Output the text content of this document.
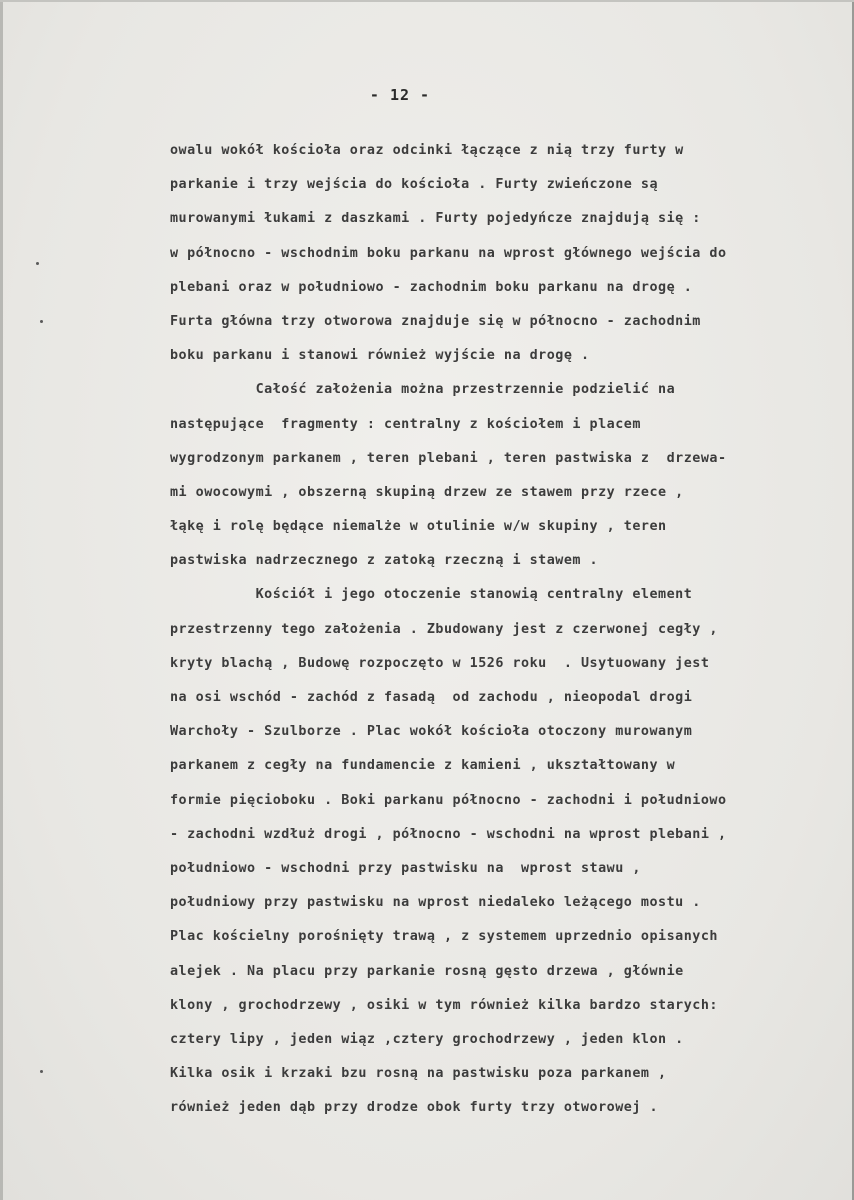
- 12 -
owalu wokół kościoła oraz odcinki łączące z nią trzy furty w
parkanie i trzy wejścia do kościoła . Furty zwieńczone są
murowanymi łukami z daszkami . Furty pojedyńcze znajdują się :
w północno - wschodnim boku parkanu na wprost głównego wejścia do
plebani oraz w południowo - zachodnim boku parkanu na drogę .
Furta główna trzy otworowa znajduje się w północno - zachodnim
boku parkanu i stanowi również wyjście na drogę .
Całość założenia można przestrzennie podzielić na
następujące  fragmenty : centralny z kościołem i placem
wygrodzonym parkanem , teren plebani , teren pastwiska z  drzewa-
mi owocowymi , obszerną skupiną drzew ze stawem przy rzece ,
łąkę i rolę będące niemalże w otulinie w/w skupiny , teren
pastwiska nadrzecznego z zatoką rzeczną i stawem .
Kościół i jego otoczenie stanowią centralny element
przestrzenny tego założenia . Zbudowany jest z czerwonej cegły ,
kryty blachą , Budowę rozpoczęto w 1526 roku  . Usytuowany jest
na osi wschód - zachód z fasadą  od zachodu , nieopodal drogi
Warchoły - Szulborze . Plac wokół kościoła otoczony murowanym
parkanem z cegły na fundamencie z kamieni , ukształtowany w
formie pięcioboku . Boki parkanu północno - zachodni i południowo
- zachodni wzdłuż drogi , północno - wschodni na wprost plebani ,
południowo - wschodni przy pastwisku na  wprost stawu ,
południowy przy pastwisku na wprost niedaleko leżącego mostu .
Plac kościelny porośnięty trawą , z systemem uprzednio opisanych
alejek . Na placu przy parkanie rosną gęsto drzewa , głównie
klony , grochodrzewy , osiki w tym również kilka bardzo starych:
cztery lipy , jeden wiąz ,cztery grochodrzewy , jeden klon .
Kilka osik i krzaki bzu rosną na pastwisku poza parkanem ,
również jeden dąb przy drodze obok furty trzy otworowej .
